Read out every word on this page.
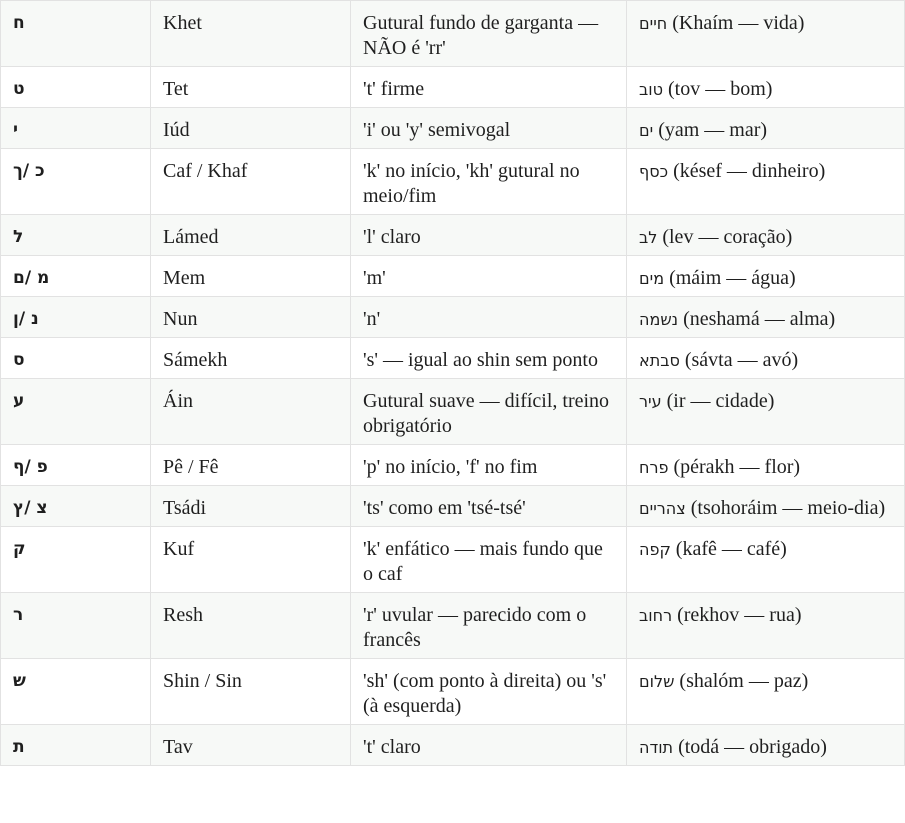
ח	Khet	Gutural fundo de garganta — NÃO é 'rr'	חיים (Khaím — vida)
ט	Tet	't' firme	טוב (tov — bom)
י	Iúd	'i' ou 'y' semivogal	ים (yam — mar)
כ /ך	Caf / Khaf	'k' no início, 'kh' gutural no meio/fim	כסף (késef — dinheiro)
ל	Lámed	'l' claro	לב (lev — coração)
מ /ם	Mem	'm'	מים (máim — água)
נ /ן	Nun	'n'	נשמה (neshamá — alma)
ס	Sámekh	's' — igual ao shin sem ponto	סבתא (sávta — avó)
ע	Áin	Gutural suave — difícil, treino obrigatório	עיר (ir — cidade)
פ /ף	Pê / Fê	'p' no início, 'f' no fim	פרח (pérakh — flor)
צ /ץ	Tsádi	'ts' como em 'tsé-tsé'	צהריים (tsohoráim — meio-dia)
ק	Kuf	'k' enfático — mais fundo que o caf	קפה (kafê — café)
ר	Resh	'r' uvular — parecido com o francês	רחוב (rekhov — rua)
ש	Shin / Sin	'sh' (com ponto à direita) ou 's' (à esquerda)	שלום (shalóm — paz)
ת	Tav	't' claro	תודה (todá — obrigado)
